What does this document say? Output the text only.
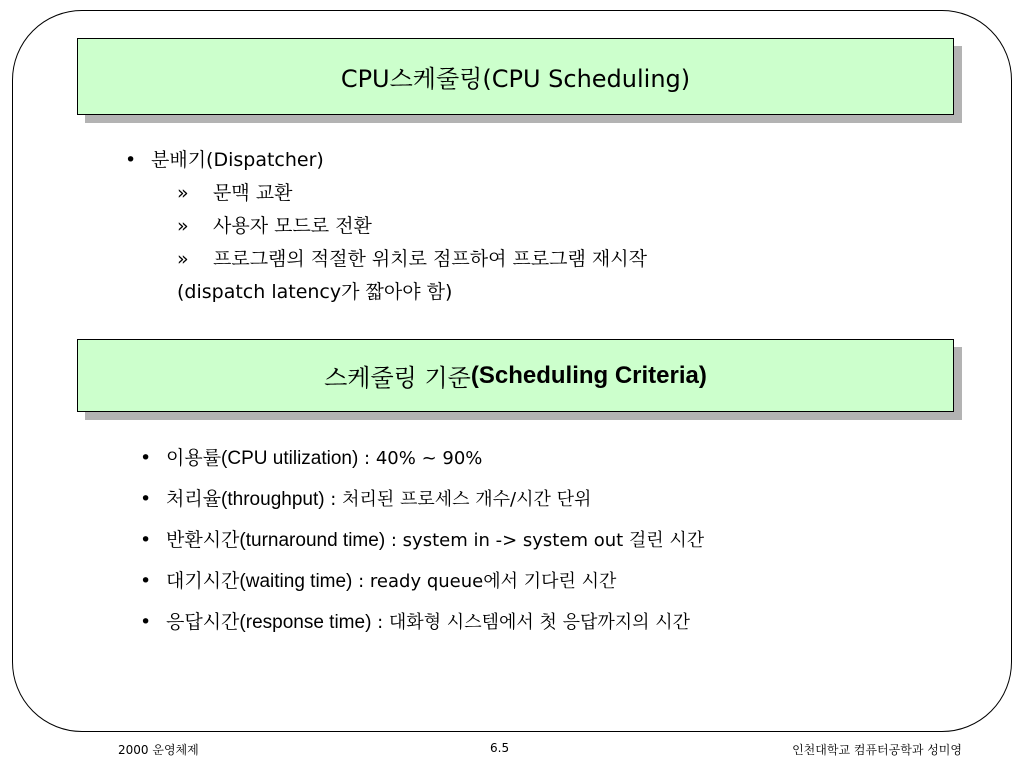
CPU스케줄링(CPU Scheduling)
• 분배기(Dispatcher)
» 문맥 교환
» 사용자 모드로 전환
» 프로그램의 적절한 위치로 점프하여 프로그램 재시작
(dispatch latency가 짧아야 함)
스케줄링 기준 (Scheduling Criteria)
• 이용률(CPU utilization) : 40% ~ 90%
• 처리율(throughput) : 처리된 프로세스 개수/시간 단위
• 반환시간(turnaround time) : system in -> system out 걸린 시간
• 대기시간(waiting time) : ready queue에서 기다린 시간
• 응답시간(response time) : 대화형 시스템에서 첫 응답까지의 시간
2000 운영체제	6.5	인천대학교 컴퓨터공학과 성미영
